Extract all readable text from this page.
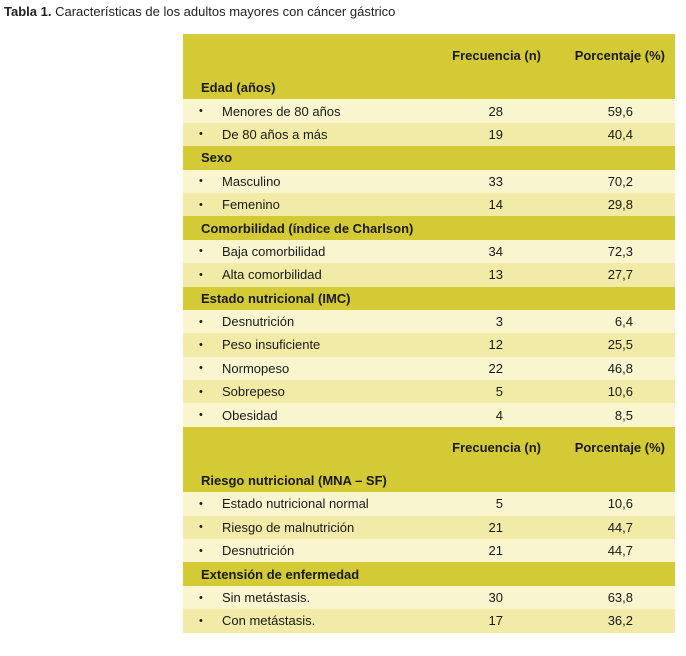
Tabla 1. Características de los adultos mayores con cáncer gástrico
Frecuencia (n)	Porcentaje (%)
Edad (años)
•	Menores de 80 años	28	59,6
•	De 80 años a más	19	40,4
Sexo
•	Masculino	33	70,2
•	Femenino	14	29,8
Comorbilidad (índice de Charlson)
•	Baja comorbilidad	34	72,3
•	Alta comorbilidad	13	27,7
Estado nutricional (IMC)
•	Desnutrición	3	6,4
•	Peso insuficiente	12	25,5
•	Normopeso	22	46,8
•	Sobrepeso	5	10,6
•	Obesidad	4	8,5
Frecuencia (n)	Porcentaje (%)
Riesgo nutricional (MNA – SF)
•	Estado nutricional normal	5	10,6
•	Riesgo de malnutrición	21	44,7
•	Desnutrición	21	44,7
Extensión de enfermedad
•	Sin metástasis.	30	63,8
•	Con metástasis.	17	36,2
